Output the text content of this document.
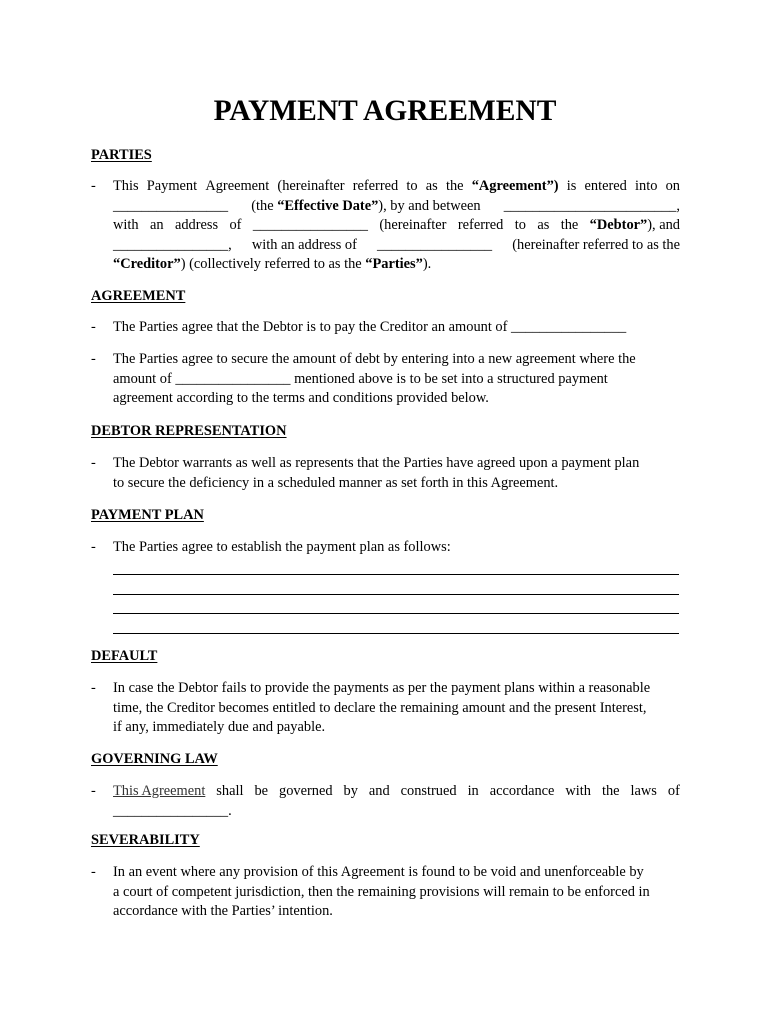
PAYMENT AGREEMENT
PARTIES
- This Payment Agreement (hereinafter referred to as the “Agreement”) is entered into on
________________ (the “Effective Date”), by and between ________________________,
with an address of ________________ (hereinafter referred to as the “Debtor”), and
________________, with an address of ________________ (hereinafter referred to as the
“Creditor”) (collectively referred to as the “Parties”).
AGREEMENT
- The Parties agree that the Debtor is to pay the Creditor an amount of ________________
- The Parties agree to secure the amount of debt by entering into a new agreement where the
amount of ________________ mentioned above is to be set into a structured payment
agreement according to the terms and conditions provided below.
DEBTOR REPRESENTATION
- The Debtor warrants as well as represents that the Parties have agreed upon a payment plan
to secure the deficiency in a scheduled manner as set forth in this Agreement.
PAYMENT PLAN
- The Parties agree to establish the payment plan as follows:
DEFAULT
- In case the Debtor fails to provide the payments as per the payment plans within a reasonable
time, the Creditor becomes entitled to declare the remaining amount and the present Interest,
if any, immediately due and payable.
GOVERNING LAW
- This Agreement shall be governed by and construed in accordance with the laws of
________________.
SEVERABILITY
- In an event where any provision of this Agreement is found to be void and unenforceable by
a court of competent jurisdiction, then the remaining provisions will remain to be enforced in
accordance with the Parties’ intention.
